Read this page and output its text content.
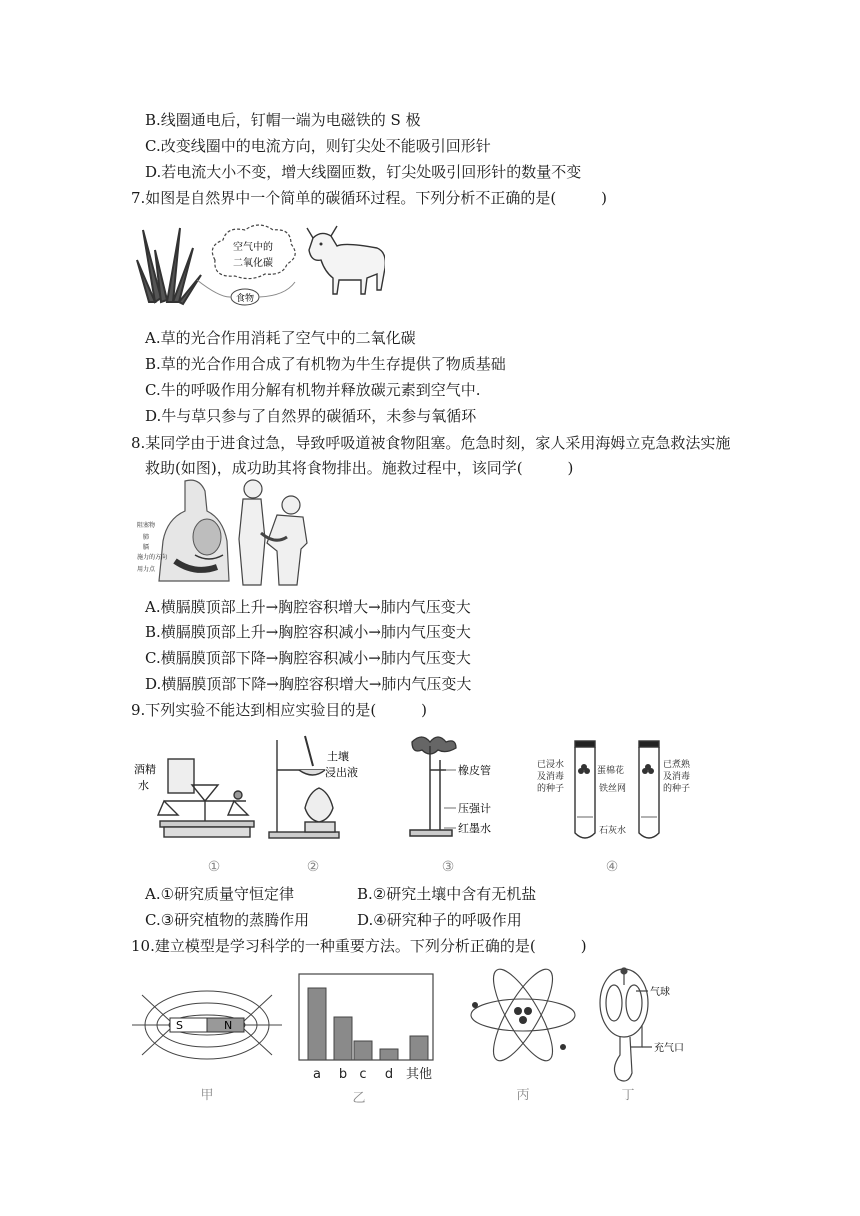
B.线圈通电后，钉帽一端为电磁铁的 S 极
C.改变线圈中的电流方向，则钉尖处不能吸引回形针
D.若电流大小不变，增大线圈匝数，钉尖处吸引回形针的数量不变
7.如图是自然界中一个简单的碳循环过程。下列分析不正确的是(　　　)
空气中的
二氧化碳
食物
A.草的光合作用消耗了空气中的二氧化碳
B.草的光合作用合成了有机物为牛生存提供了物质基础
C.牛的呼吸作用分解有机物并释放碳元素到空气中.
D.牛与草只参与了自然界的碳循环，未参与氧循环
8.某同学由于进食过急，导致呼吸道被食物阻塞。危急时刻，家人采用海姆立克急救法实施
救助(如图)，成功助其将食物排出。施救过程中，该同学(　　　)
阻塞物
肺
膈
施力的方向
用力点
A.横膈膜顶部上升→胸腔容积增大→肺内气压变大
B.横膈膜顶部上升→胸腔容积减小→肺内气压变大
C.横膈膜顶部下降→胸腔容积减小→肺内气压变大
D.横膈膜顶部下降→胸腔容积增大→肺内气压变大
9.下列实验不能达到相应实验目的是(　　　)
酒精
水
①
土壤
浸出液
②
橡皮管
压强计
红墨水
③
已浸水
及消毒
的种子
蛋棉花
铁丝网
石灰水
已煮熟
及消毒
的种子
④
A.①研究质量守恒定律	B.②研究土壤中含有无机盐
C.③研究植物的蒸腾作用	D.④研究种子的呼吸作用
10.建立模型是学习科学的一种重要方法。下列分析正确的是(　　　)
S	N
甲
a b c d 其他
乙	丙
气球
充气口
丁
